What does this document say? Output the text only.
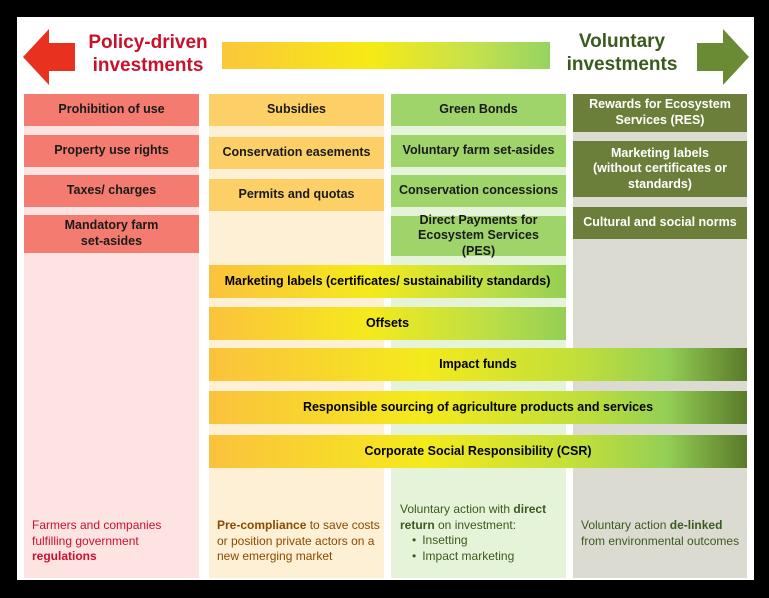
Policy-driven
investments
Voluntary
investments
Prohibition of use
Property use rights
Taxes/ charges
Mandatory farm set-asides
Subsidies
Conservation easements
Permits and quotas
Green Bonds
Voluntary farm set-asides
Conservation concessions
Direct Payments for Ecosystem Services (PES)
Rewards for Ecosystem Services (RES)
Marketing labels (without certificates or standards)
Cultural and social norms
Marketing labels (certificates/ sustainability standards)
Offsets
Impact funds
Responsible sourcing of agriculture products and services
Corporate Social Responsibility (CSR)
Farmers and companies fulfilling government regulations
Pre-compliance to save costs or position private actors on a new emerging market
Voluntary action with direct return on investment:
• Insetting
• Impact marketing
Voluntary action de-linked from environmental outcomes
